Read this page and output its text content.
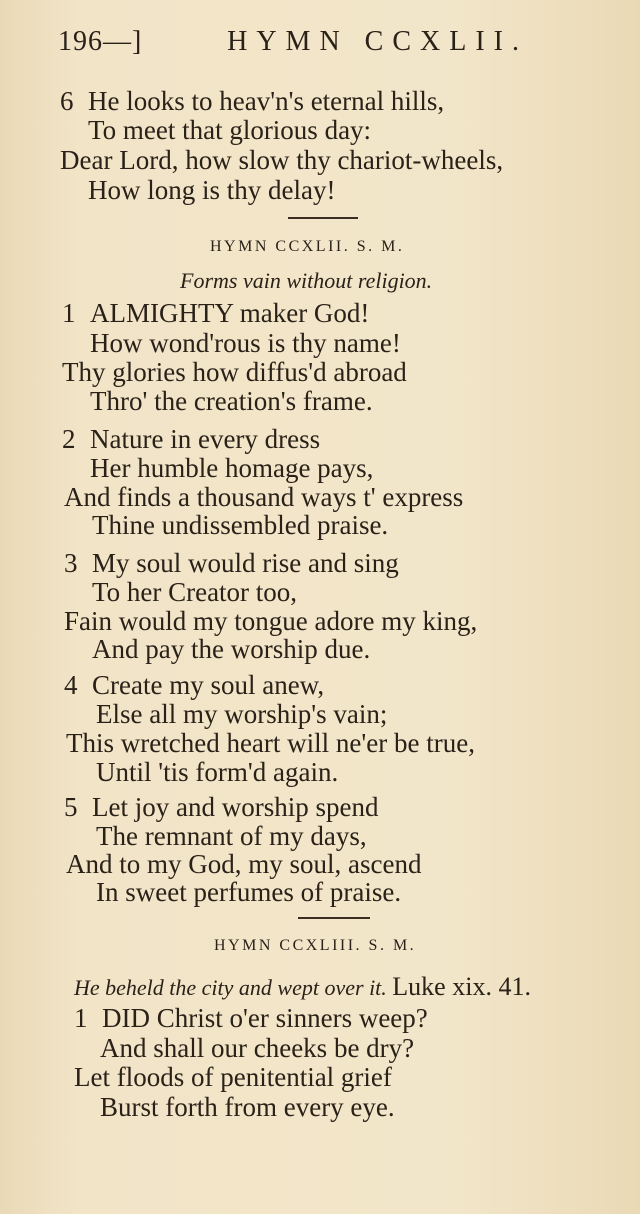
196—]	HYMN CCXLII.
6 He looks to heav'n's eternal hills,
To meet that glorious day:
Dear Lord, how slow thy chariot-wheels,
How long is thy delay!
HYMN CCXLII. S. M.
Forms vain without religion.
1 ALMIGHTY maker God!
How wond'rous is thy name!
Thy glories how diffus'd abroad
Thro' the creation's frame.
2 Nature in every dress
Her humble homage pays,
And finds a thousand ways t' express
Thine undissembled praise.
3 My soul would rise and sing
To her Creator too,
Fain would my tongue adore my king,
And pay the worship due.
4 Create my soul anew,
Else all my worship's vain;
This wretched heart will ne'er be true,
Until 'tis form'd again.
5 Let joy and worship spend
The remnant of my days,
And to my God, my soul, ascend
In sweet perfumes of praise.
HYMN CCXLIII. S. M.
He beheld the city and wept over it. Luke xix. 41.
1 DID Christ o'er sinners weep?
And shall our cheeks be dry?
Let floods of penitential grief
Burst forth from every eye.
